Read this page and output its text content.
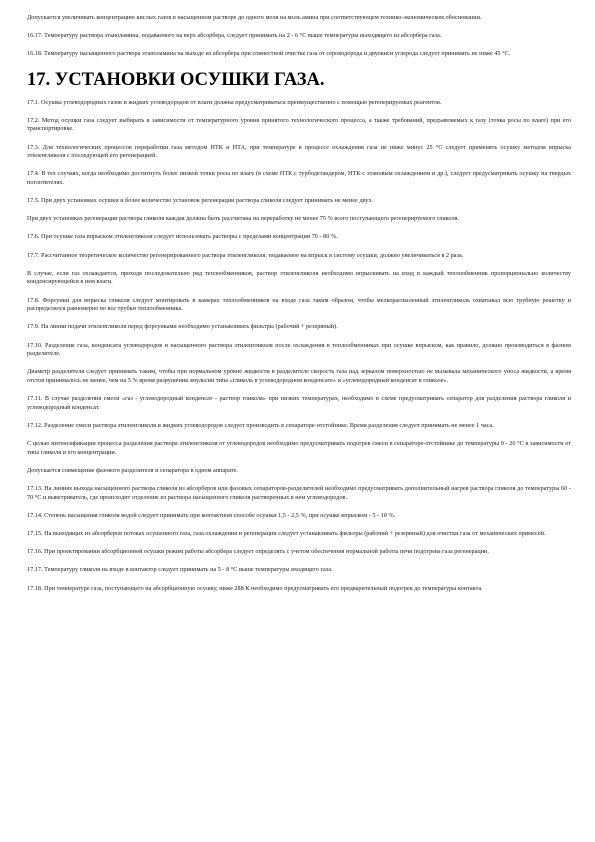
Допускается увеличивать концентрацию кислых газов в насыщенном растворе до одного моля на моль амина при соответствующем технико-экономическом обосновании.

16.17. Температуру раствора этаноламина, подаваемого на верх абсорбера, следует принимать на 2 - 6 °С выше температуры выходящего из абсорбера газа.

16.18. Температуру насыщенного раствора этаноламина на выходе из абсорбера при совместной очистке газа от сероводорода и двуокиси углерода следует принимать не ниже 45 °С.

17. УСТАНОВКИ ОСУШКИ ГАЗА.

17.1. Осушка углеводородных газов и жидких углеводородов от влаги должна предусматриваться преимущественно с помощью регенерируемых реагентов.

17.2. Метод осушки газа следует выбирать в зависимости от температурного уровня принятого технологического процесса, а также требований, предъявляемых к газу (точка росы по влаге) при его транспортировке.

17.3. Для технологических процессов переработки газа методом НТК и НТА, при температуре в процессе охлаждения газа не ниже минус 25 °С следует применять осушку методом впрыска этиленгликоля с последующей его регенерацией.

17.4. В тех случаях, когда необходимо достигнуть более низкой точки росы по влаге (в схеме НТК с турбодетандером, НТК с этановым охлаждением и др.), следует предусматривать осушку на твердых поглотителях.

17.5. При двух установках осушки и более количество установок регенерации раствора гликоля следует принимать не менее двух.

При двух установках регенерации раствора гликоля каждая должна быть рассчитана на переработку не менее 75 % всего поступающего регенерируемого гликоля.

17.6. При осушке газа впрыском этиленгликоля следует использовать растворы с пределами концентрации 70 - 80 %.

17.7. Рассчитанное теоретическое количество регенерированного раствора этиленгликоля, подаваемое на впрыск в систему осушки, должно увеличиваться в 2 раза.

В случае, если газ охлаждается, проходя последовательно ряд теплообменников, раствор этиленгликоля необходимо впрыскивать на вход в каждый теплообменник пропорционально количеству конденсирующейся в нем влаги.

17.8. Форсунки для впрыска гликоля следует монтировать в камерах теплообменников на входе газа таким образом, чтобы мелкораспыленный этиленгликоль охватывал всю трубную решетку и распределялся равномерно во все трубки теплообменника.

17.9. На линии подачи этиленгликоля перед форсунками необходимо устанавливать фильтры (рабочий + резервный).

17.10. Разделение газа, конденсата углеводородов и насыщенного раствора этиленгликоля после охлаждения в теплообменниках при осушке впрыском, как правило, должно производиться в фазном разделителе.

Диаметр разделителя следует принимать таким, чтобы при нормальном уровне жидкости в разделителе скорость газа над зеркалом поверхностью не вызывала механического уноса жидкости, а время отстоя принималось не менее, чем на 5 % время разрушения эмульсии типа «гликоль в углеводородном конденсате» и «углеводородный конденсат в гликоле».

17.11. В случае разделения смеси «газ - углеводородный конденсат - раствор гликоля» при низких температурах, необходимо в схеме предусматривать сепаратор для разделения раствора гликоля и углеводородный конденсат.

17.12. Разделение смеси раствора этиленгликоля и жидких углеводородов следует производить в сепараторе-отстойнике. Время разделения следует принимать не менее 1 часа.

С целью интенсификации процесса разделения раствора этиленгликоля от углеводородов необходимо предусматривать подогрев смеси в сепараторе-отстойнике до температуры 0 - 20 °С в зависимости от типа гликоля и его концентрации.

Допускается совмещение фазового разделителя и сепаратора в одном аппарате.

17.13. На линиях выхода насыщенного раствора гликоля из абсорберов или фазовых сепараторов-разделителей необходимо предусматривать дополнительный нагрев раствора гликоля до температуры 60 - 70 °С и выветриватель, где происходит отделение из раствора насыщенного гликоля растворенных в нем углеводородов.

17.14. Степень насыщения гликоля водой следует принимать при контактном способе осушки 1,5 - 2,5 %, при осушке впрыском - 5 - 10 %.

17.15. На выходящих из абсорберов потоках осушенного газа, газа охлаждения и регенерации следует устанавливать фильтры (рабочий + резервный) для очистки газа от механических примесей.

17.16. При проектировании абсорбционной осушки режим работы абсорбера следует определять с учетом обеспечения нормальной работы печи подогрева газа регенерации.

17.17. Температуру гликоля на входе в контактор следует принимать на 5 - 8 °С выше температуры входящего газа.

17.18. При температуре газа, поступающего на абсорбционную осушку, ниже 288 К необходимо предусматривать его предварительный подогрев до температуры контакта.
